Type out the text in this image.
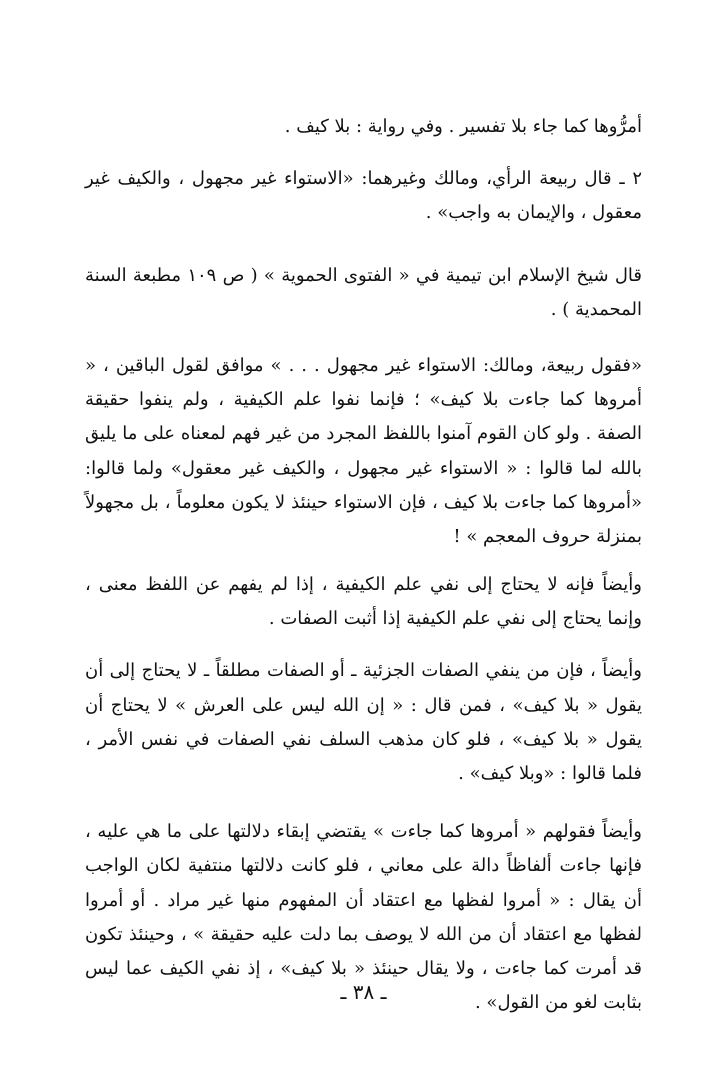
أمرُّوها كما جاء بلا تفسير . وفي رواية : بلا كيف .

٢ ـ قال ربيعة الرأي، ومالك وغيرهما: «الاستواء غير مجهول ، والكيف غير معقول ، والإيمان به واجب» .

قال شيخ الإسلام ابن تيمية في « الفتوى الحموية » ( ص ١٠٩ مطبعة السنة المحمدية ) .

«فقول ربيعة، ومالك: الاستواء غير مجهول . . . » موافق لقول الباقين ، « أمروها كما جاءت بلا كيف» ؛ فإنما نفوا علم الكيفية ، ولم ينفوا حقيقة الصفة . ولو كان القوم آمنوا باللفظ المجرد من غير فهم لمعناه على ما يليق بالله لما قالوا : « الاستواء غير مجهول ، والكيف غير معقول» ولما قالوا: «أمروها كما جاءت بلا كيف ، فإن الاستواء حينئذ لا يكون معلوماً ، بل مجهولاً بمنزلة حروف المعجم » !

وأيضاً فإنه لا يحتاج إلى نفي علم الكيفية ، إذا لم يفهم عن اللفظ معنى ، وإنما يحتاج إلى نفي علم الكيفية إذا أثبت الصفات .

وأيضاً ، فإن من ينفي الصفات الجزئية ـ أو الصفات مطلقاً ـ لا يحتاج إلى أن يقول « بلا كيف» ، فمن قال : « إن الله ليس على العرش » لا يحتاج أن يقول « بلا كيف» ، فلو كان مذهب السلف نفي الصفات في نفس الأمر ، فلما قالوا : «وبلا كيف» .

وأيضاً فقولهم « أمروها كما جاءت » يقتضي إبقاء دلالتها على ما هي عليه ، فإنها جاءت ألفاظاً دالة على معاني ، فلو كانت دلالتها منتفية لكان الواجب أن يقال : « أمروا لفظها مع اعتقاد أن المفهوم منها غير مراد . أو أمروا لفظها مع اعتقاد أن من الله لا يوصف بما دلت عليه حقيقة » ، وحينئذ تكون قد أمرت كما جاءت ، ولا يقال حينئذ « بلا كيف» ، إذ نفي الكيف عما ليس بثابت لغو من القول» .

ـ ٣٨ ـ
